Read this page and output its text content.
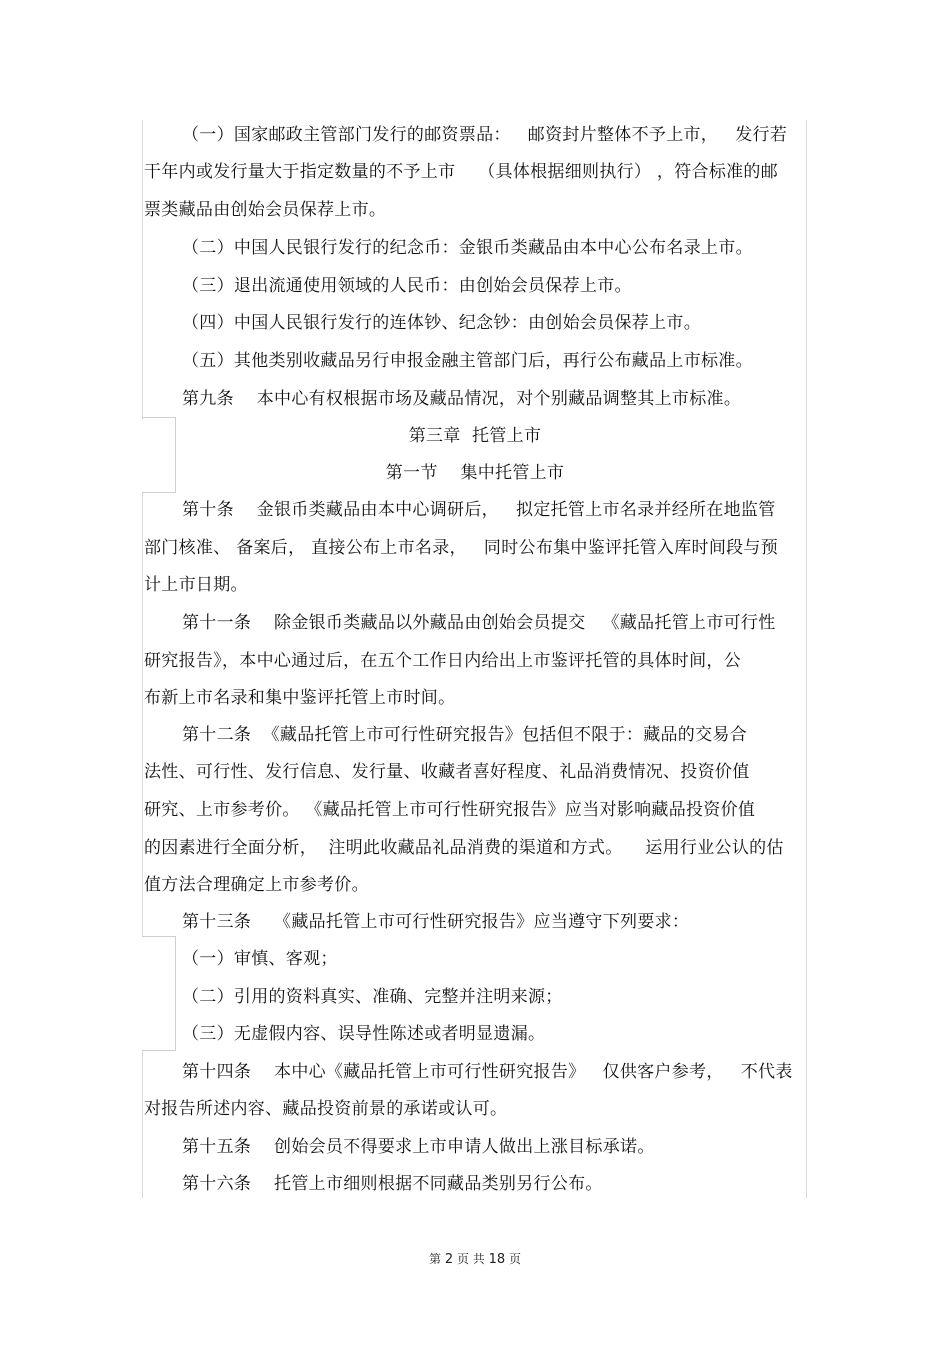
（一）国家邮政主管部门发行的邮资票品：   邮资封片整体不予上市，   发行若
干年内或发行量大于指定数量的不予上市    （具体根据细则执行） ，符合标准的邮
票类藏品由创始会员保荐上市。
（二）中国人民银行发行的纪念币：金银币类藏品由本中心公布名录上市。
（三）退出流通使用领域的人民币：由创始会员保荐上市。
（四）中国人民银行发行的连体钞、纪念钞：由创始会员保荐上市。
（五）其他类别收藏品另行申报金融主管部门后，再行公布藏品上市标准。
第九条    本中心有权根据市场及藏品情况，对个别藏品调整其上市标准。
第三章  托管上市
第一节    集中托管上市
第十条    金银币类藏品由本中心调研后，   拟定托管上市名录并经所在地监管
部门核准、 备案后， 直接公布上市名录，   同时公布集中鉴评托管入库时间段与预
计上市日期。
第十一条    除金银币类藏品以外藏品由创始会员提交   《藏品托管上市可行性
研究报告》，本中心通过后，在五个工作日内给出上市鉴评托管的具体时间，公
布新上市名录和集中鉴评托管上市时间。
第十二条  《藏品托管上市可行性研究报告》包括但不限于：藏品的交易合
法性、可行性、发行信息、发行量、收藏者喜好程度、礼品消费情况、投资价值
研究、上市参考价。 《藏品托管上市可行性研究报告》应当对影响藏品投资价值
的因素进行全面分析，  注明此收藏品礼品消费的渠道和方式。    运用行业公认的估
值方法合理确定上市参考价。
第十三条    《藏品托管上市可行性研究报告》应当遵守下列要求：
（一）审慎、客观；
（二）引用的资料真实、准确、完整并注明来源；
（三）无虚假内容、误导性陈述或者明显遗漏。
第十四条    本中心《藏品托管上市可行性研究报告》   仅供客户参考，   不代表
对报告所述内容、藏品投资前景的承诺或认可。
第十五条    创始会员不得要求上市申请人做出上涨目标承诺。
第十六条    托管上市细则根据不同藏品类别另行公布。
第 2 页 共 18 页
